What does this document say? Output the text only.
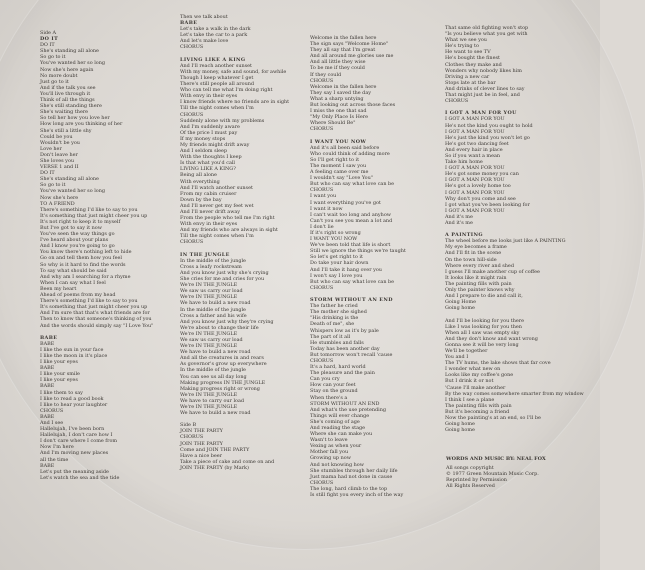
Side A
DO IT
DO IT
She's standing all alone
So go to it
You've wanted her so long
Now she's here again
No more doubt
Just go to it
And if the talk you see
You'll live through it
Think of all the things
She's still standing there
She's waiting there
So tell her how you love her
How long are you thinking of her
She's still a little shy
Could be you
Wouldn't be you
Love her
Don't leave her
She loves you
VERSE 1 and II
DO IT
She's standing all alone
So go to it
You've wanted her so long
Now she's here
TO A FRIEND
There's something I'd like to say to you
It's something that just might cheer you up
It's not right to keep it to myself
But I've got to say it now
You've seen the way things go
I've heard about your plans
And I know you're going to go
You know there's nothing left to hide
Go on and tell them how you feel
So why is it hard to find the words
To say what should be said
And why am I searching for a rhyme
When I can say what I feel
Been my heart
Ahead of poems from my head
There's something I'd like to say to you
It's something that just might cheer you up
And I'm sure that that's what friends are for
Then to know that someone's thinking of you
And the words should simply say "I Love You"
BABE
BABE
I like the sun in your face
I like the moon in it's place
I like your eyes
BABE
I like your smile
I like your eyes
BABE
I like them to say
I like to read a good book
I like to hear your laughter
CHORUS
BABE
And I see
Hallelujah, I've been born
Hallelujah, I don't care how I
I don't care where I come from
Now I'm here
And I'm moving new places
all the time
BABE
Let's put the meaning aside
Let's watch the sea and the tide
Then we talk about
BABE
Let's take a walk in the dark
Let's take the car to a park
And let's make love
CHORUS
LIVING LIKE A KING
And I'll reach another sunset
With my money, safe and sound, for awhile
Though I keep whatever I get
There's still people all around
Who can tell me what I'm doing right
With envy in their eyes
I know friends where no friends are in sight
Till the night comes when I'm
CHORUS
Suddenly alone with my problems
And I'm suddenly aware
Of the price I must pay
If my money stops
My friends might drift away
And I seldom sleep
With the thoughts I keep
Is that what you'd call
LIVING LIKE A KING?
Being all alone
With everything
And I'll watch another sunset
From my cabin cruiser
Down by the bay
And I'll never get my feet wet
And I'll never drift away
From the people who tell me I'm right
With envy in their eyes
And my friends who are always in sight
Till the night comes when I'm
CHORUS
IN THE JUNGLE
In the middle of the jungle
Cross a leafy rockstream
And you know just why she's crying
She cries for me and cries for you
We're IN THE JUNGLE
We saw us carry our load
We're IN THE JUNGLE
We have to build a new road
In the middle of the jungle
Cross a father and his wife
And you know just why they're crying
We're about to change their life
We're IN THE JUNGLE
We saw us carry our load
We're IN THE JUNGLE
We have to build a new road
And all the creatures in and rears
As governor's grow up everywhere
In the middle of the jungle
You can see us all day long
Making progress IN THE JUNGLE
Making progress right or wrong
We're IN THE JUNGLE
We have to carry our load
We're IN THE JUNGLE
We have to build a new road
Side B
JOIN THE PARTY
CHORUS
JOIN THE PARTY
Come and JOIN THE PARTY
Have a nice beer
Take a piece of cake and come on and
JOIN THE PARTY (by Mark)
Welcome in the fallen here
The sign says "Welcome Home"
They all say that I'm great
And all around me glories use me
And all little they wise
To be me if they could
If they could
CHORUS
Welcome in the fallen here
They say I saved the day
What a sharp untying
But looking out across those faces
I miss the one that sad
"My Only Place Is Here
Where Should Be"
CHORUS
I WANT YOU NOW
And it's all been said before
Who could think of adding more
So I'll get right to it
The moment I saw you
A feeling came over me
I wouldn't say "Love You"
But who can say what love can be
CHORUS
I want you
I want everything you've got
I want it now
I can't wait too long and anyhow
Can't you see you mean a lot and
I don't lie
If it's right so wrong
I WANT YOU NOW
We've been told that life is short
Still we ignore the things we're taught
So let's get right to it
Do take your hair down
And I'll take it hang over you
I won't say I love you
But who can say what love can be
CHORUS
STORM WITHOUT AN END
The father he cried
The mother she sighed
"His drinking is the
Death of me", she
Whispers low as it's by pale
The part of it all
He stumbles and falls
Today has been another day
But tomorrow won't recall 'cause
CHORUS
It's a hard, hard world
The pleasure and the pain
Can you cry
How can your feet
Stay on the ground
When there's a
STORM WITHOUT AN END
And what's the use pretending
Things will ever change
She's coming of age
And reading the stage
Where she can make you
Wasn't to leave
Vexing as when your
Mother fall you
Growing up now
And not knowing how
She stumbles through her daily life
Just mama had not done in cause
CHORUS
The long, hard climb to the top
Is still fight you every inch of the way
That same old fighting won't stop
"Is you believe what you get with
What we see you
He's trying to
He want to see TV
He's bought the finest
Clothes they make and
Wonders why nobody likes him
Driving a new car
Stops late at the bar
And drinks of clever lines to say
That might just be in feel, and
CHORUS
I GOT A MAN FOR YOU
I GOT A MAN FOR YOU
He's not the kind you ought to hold
I GOT A MAN FOR YOU
He's just the kind you won't let go
He's got two dancing feet
And every hair in place
So if you want a mean
Take him home
I GOT A MAN FOR YOU
He's got some money you can
I GOT A MAN FOR YOU
He's got a lovely home too
I GOT A MAN FOR YOU
Why don't you come and see
I got what you've been looking for
I GOT A MAN FOR YOU
And it's me
And it's me
A PAINTING
The wheel before me looks just like A PAINTING
My eye becomes a frame
And I'll fit in the scene
On the town hill-side
Where every river and shed
I guess I'll make another cup of coffee
It looks like it might rain
The painting fills with pain
Only the painter knows why
And I prepare to die and call it,
Going Home
Going home
And I'll be looking for you there
Like I was looking for you then
When all I saw was empty sky
And they don't know and want wrong
Gonna see it will be very long
We'll be together
You and I
The TV hums, the lake shows that far cove
I wonder what new on
Looks like my coffee's gone
But I drink it or not
'Cause I'll make another
By the way comes somewhere smarter from my window
I think I see a plane
The painting fills with pain
But it's becoming a friend
Now the painting's at an end, so I'll be
Going home
Going home
WORDS AND MUSIC BY: NEAL FOX
All songs copyright
© 1977 Green Mountain Music Corp.
Reprinted by Permission
All Rights Reserved
